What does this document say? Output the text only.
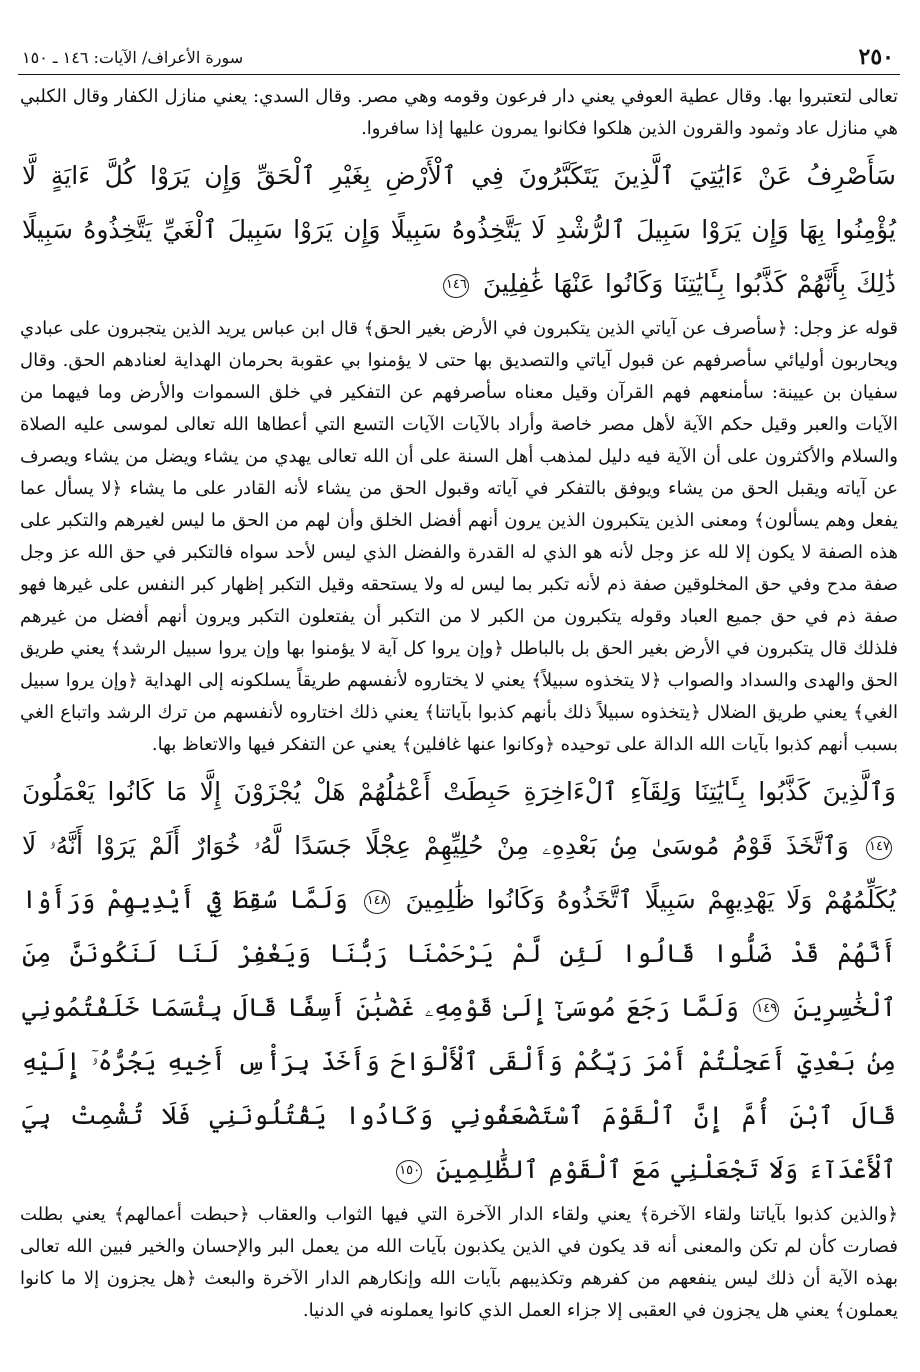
٢٥٠
سورة الأعراف/ الآيات: ١٤٦ ـ ١٥٠

تعالى لتعتبروا بها. وقال عطية العوفي يعني دار فرعون وقومه وهي مصر. وقال السدي: يعني منازل الكفار وقال الكلبي هي منازل عاد وثمود والقرون الذين هلكوا فكانوا يمرون عليها إذا سافروا.

سَأَصْرِفُ عَنْ ءَايَٰتِيَ ٱلَّذِينَ يَتَكَبَّرُونَ فِي ٱلْأَرْضِ بِغَيْرِ ٱلْحَقِّ وَإِن يَرَوْا كُلَّ ءَايَةٍ لَّا يُؤْمِنُوا بِهَا وَإِن يَرَوْا سَبِيلَ ٱلرُّشْدِ لَا يَتَّخِذُوهُ سَبِيلًا وَإِن يَرَوْا سَبِيلَ ٱلْغَيِّ يَتَّخِذُوهُ سَبِيلًا ذَٰلِكَ بِأَنَّهُمْ كَذَّبُوا بِـَٔايَٰتِنَا وَكَانُوا عَنْهَا غَٰفِلِينَ ١٤٦

قوله عز وجل: ﴿سأصرف عن آياتي الذين يتكبرون في الأرض بغير الحق﴾ قال ابن عباس يريد الذين يتجبرون على عبادي ويحاربون أوليائي سأصرفهم عن قبول آياتي والتصديق بها حتى لا يؤمنوا بي عقوبة بحرمان الهداية لعنادهم الحق. وقال سفيان بن عيينة: سأمنعهم فهم القرآن وقيل معناه سأصرفهم عن التفكير في خلق السموات والأرض وما فيهما من الآيات والعبر وقيل حكم الآية لأهل مصر خاصة وأراد بالآيات الآيات التسع التي أعطاها الله تعالى لموسى عليه الصلاة والسلام والأكثرون على أن الآية فيه دليل لمذهب أهل السنة على أن الله تعالى يهدي من يشاء ويضل من يشاء ويصرف عن آياته ويقبل الحق من يشاء ويوفق بالتفكر في آياته وقبول الحق من يشاء لأنه القادر على ما يشاء ﴿لا يسأل عما يفعل وهم يسألون﴾ ومعنى الذين يتكبرون الذين يرون أنهم أفضل الخلق وأن لهم من الحق ما ليس لغيرهم والتكبر على هذه الصفة لا يكون إلا لله عز وجل لأنه هو الذي له القدرة والفضل الذي ليس لأحد سواه فالتكبر في حق الله عز وجل صفة مدح وفي حق المخلوقين صفة ذم لأنه تكبر بما ليس له ولا يستحقه وقيل التكبر إظهار كبر النفس على غيرها فهو صفة ذم في حق جميع العباد وقوله يتكبرون من الكبر لا من التكبر أن يفتعلون التكبر ويرون أنهم أفضل من غيرهم فلذلك قال يتكبرون في الأرض بغير الحق بل بالباطل ﴿وإن يروا كل آية لا يؤمنوا بها وإن يروا سبيل الرشد﴾ يعني طريق الحق والهدى والسداد والصواب ﴿لا يتخذوه سبيلاً﴾ يعني لا يختاروه لأنفسهم طريقاً يسلكونه إلى الهداية ﴿وإن يروا سبيل الغي﴾ يعني طريق الضلال ﴿يتخذوه سبيلاً ذلك بأنهم كذبوا بآياتنا﴾ يعني ذلك اختاروه لأنفسهم من ترك الرشد واتباع الغي بسبب أنهم كذبوا بآيات الله الدالة على توحيده ﴿وكانوا عنها غافلين﴾ يعني عن التفكر فيها والاتعاظ بها.

وَٱلَّذِينَ كَذَّبُوا بِـَٔايَٰتِنَا وَلِقَآءِ ٱلْءَاخِرَةِ حَبِطَتْ أَعْمَٰلُهُمْ هَلْ يُجْزَوْنَ إِلَّا مَا كَانُوا يَعْمَلُونَ ١٤٧ وَٱتَّخَذَ قَوْمُ مُوسَىٰ مِنۢ بَعْدِهِۦ مِنْ حُلِيِّهِمْ عِجْلًا جَسَدًا لَّهُۥ خُوَارٌ أَلَمْ يَرَوْا أَنَّهُۥ لَا يُكَلِّمُهُمْ وَلَا يَهْدِيهِمْ سَبِيلًا ٱتَّخَذُوهُ وَكَانُوا ظَٰلِمِينَ ١٤٨ وَلَمَّا سُقِطَ فِيٓ أَيْدِيهِمْ وَرَأَوْا أَنَّهُمْ قَدْ ضَلُّوا قَالُوا لَئِن لَّمْ يَرْحَمْنَا رَبُّنَا وَيَغْفِرْ لَنَا لَنَكُونَنَّ مِنَ ٱلْخَٰسِرِينَ ١٤٩ وَلَمَّا رَجَعَ مُوسَىٰٓ إِلَىٰ قَوْمِهِۦ غَضْبَٰنَ أَسِفًا قَالَ بِئْسَمَا خَلَفْتُمُونِي مِنۢ بَعْدِيٓ أَعَجِلْتُمْ أَمْرَ رَبِّكُمْ وَأَلْقَى ٱلْأَلْوَاحَ وَأَخَذَ بِرَأْسِ أَخِيهِ يَجُرُّهُۥٓ إِلَيْهِ قَالَ ٱبْنَ أُمَّ إِنَّ ٱلْقَوْمَ ٱسْتَضْعَفُونِي وَكَادُوا يَقْتُلُونَنِي فَلَا تُشْمِتْ بِيَ ٱلْأَعْدَآءَ وَلَا تَجْعَلْنِي مَعَ ٱلْقَوْمِ ٱلظَّٰلِمِينَ ١٥٠

﴿والذين كذبوا بآياتنا ولقاء الآخرة﴾ يعني ولقاء الدار الآخرة التي فيها الثواب والعقاب ﴿حبطت أعمالهم﴾ يعني بطلت فصارت كأن لم تكن والمعنى أنه قد يكون في الذين يكذبون بآيات الله من يعمل البر والإحسان والخير فبين الله تعالى بهذه الآية أن ذلك ليس ينفعهم من كفرهم وتكذيبهم بآيات الله وإنكارهم الدار الآخرة والبعث ﴿هل يجزون إلا ما كانوا يعملون﴾ يعني هل يجزون في العقبى إلا جزاء العمل الذي كانوا يعملونه في الدنيا.
